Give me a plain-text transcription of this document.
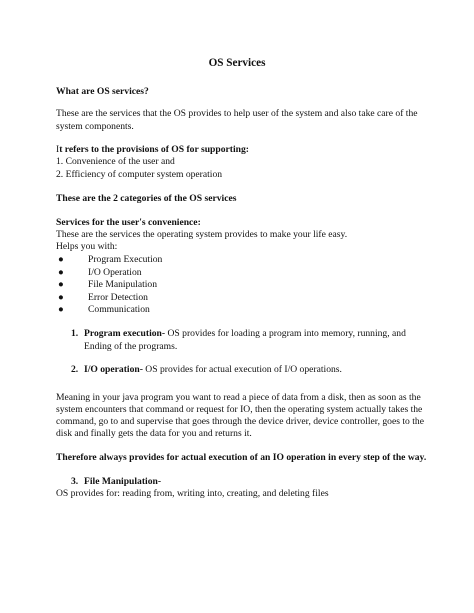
OS Services
What are OS services?
These are the services that the OS provides to help user of the system and also take care of the
system components.
It refers to the provisions of OS for supporting:
1. Convenience of the user and
2. Efficiency of computer system operation
These are the 2 categories of the OS services
Services for the user's convenience:
These are the services the operating system provides to make your life easy.
Helps you with:
●	Program Execution
●	I/O Operation
●	File Manipulation
●	Error Detection
●	Communication
1. Program execution- OS provides for loading a program into memory, running, and
Ending of the programs.
2. I/O operation- OS provides for actual execution of I/O operations.
Meaning in your java program you want to read a piece of data from a disk, then as soon as the
system encounters that command or request for IO, then the operating system actually takes the
command, go to and supervise that goes through the device driver, device controller, goes to the
disk and finally gets the data for you and returns it.
Therefore always provides for actual execution of an IO operation in every step of the way.
3. File Manipulation-
OS provides for: reading from, writing into, creating, and deleting files
